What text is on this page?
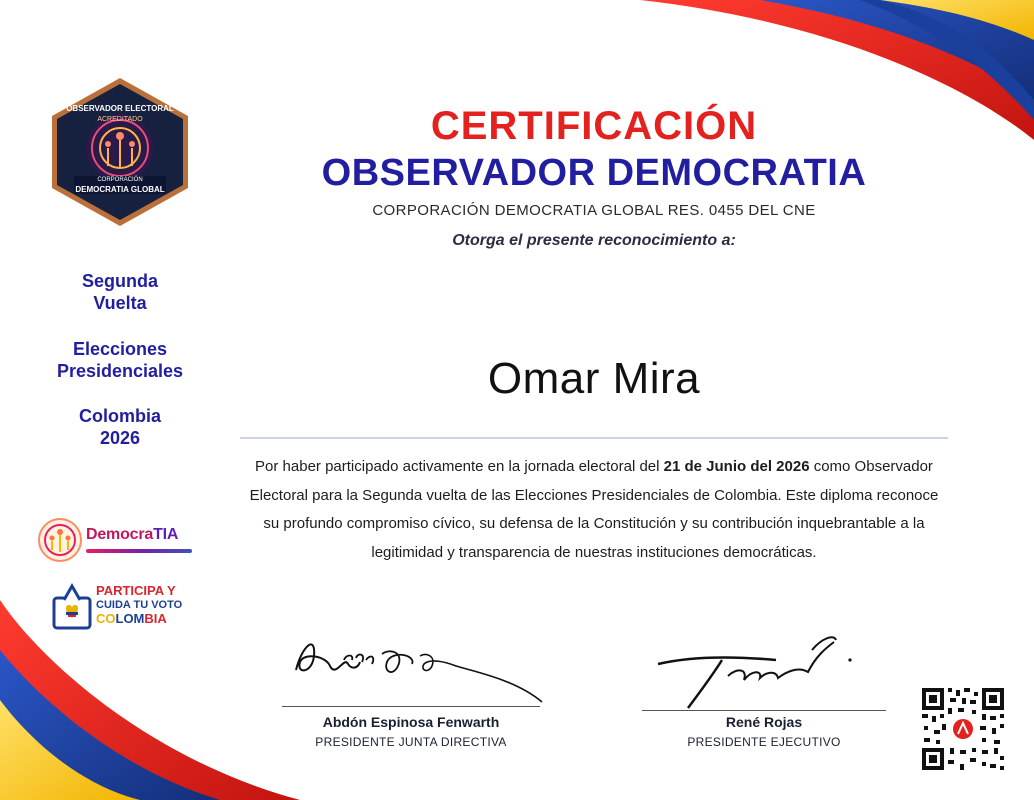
OBSERVADOR ELECTORAL
ACREDITADO
CORPORACIÓN
DEMOCRATIA GLOBAL
Segunda
Vuelta
Elecciones
Presidenciales
Colombia
2026
DemocraTIA
PARTICIPA Y
CUIDA TU VOTO
COLOMBIA
CERTIFICACIÓN
OBSERVADOR DEMOCRATIA
CORPORACIÓN DEMOCRATIA GLOBAL RES. 0455 DEL CNE
Otorga el presente reconocimiento a:
Omar Mira
Por haber participado activamente en la jornada electoral del 21 de Junio del 2026 como Observador Electoral para la Segunda vuelta de las Elecciones Presidenciales de Colombia. Este diploma reconoce su profundo compromiso cívico, su defensa de la Constitución y su contribución inquebrantable a la legitimidad y transparencia de nuestras instituciones democráticas.
Abdón Espinosa Fenwarth
PRESIDENTE JUNTA DIRECTIVA
René Rojas
PRESIDENTE EJECUTIVO
